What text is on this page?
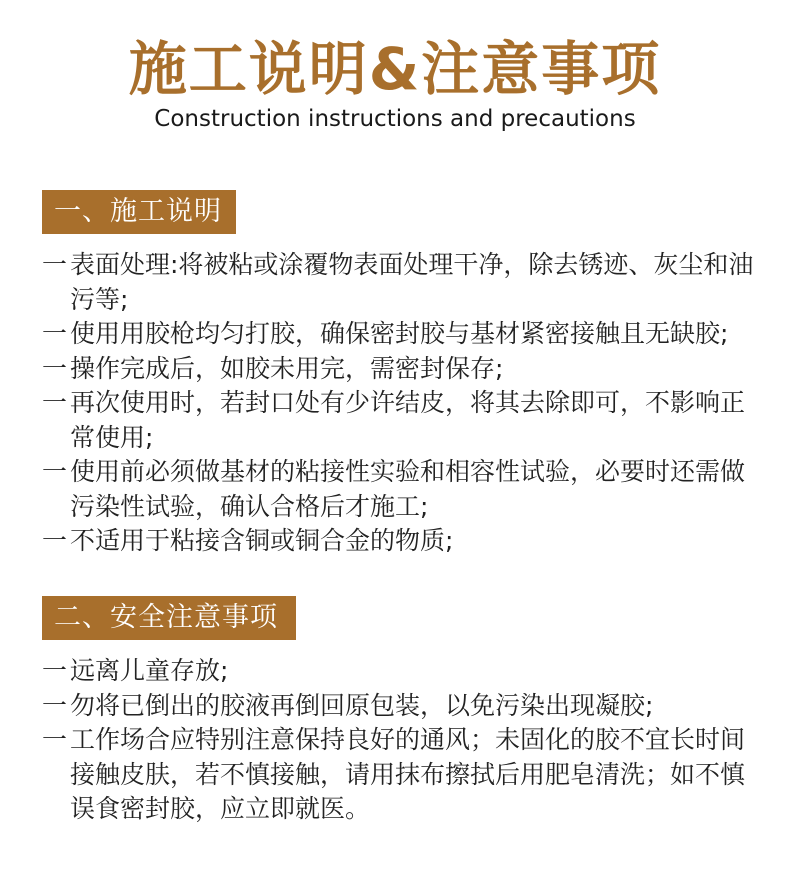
施工说明&注意事项
Construction instructions and precautions
一、施工说明
一 表面处理:将被粘或涂覆物表面处理干净，除去锈迹、灰尘和油污等;
一 使用用胶枪均匀打胶，确保密封胶与基材紧密接触且无缺胶;
一 操作完成后，如胶未用完，需密封保存;
一 再次使用时，若封口处有少许结皮，将其去除即可，不影响正常使用;
一 使用前必须做基材的粘接性实验和相容性试验，必要时还需做污染性试验，确认合格后才施工;
一 不适用于粘接含铜或铜合金的物质;
二、安全注意事项
一 远离儿童存放;
一 勿将已倒出的胶液再倒回原包装，以免污染出现凝胶;
一 工作场合应特别注意保持良好的通风；未固化的胶不宜长时间接触皮肤，若不慎接触，请用抹布擦拭后用肥皂清洗；如不慎误食密封胶，应立即就医。
